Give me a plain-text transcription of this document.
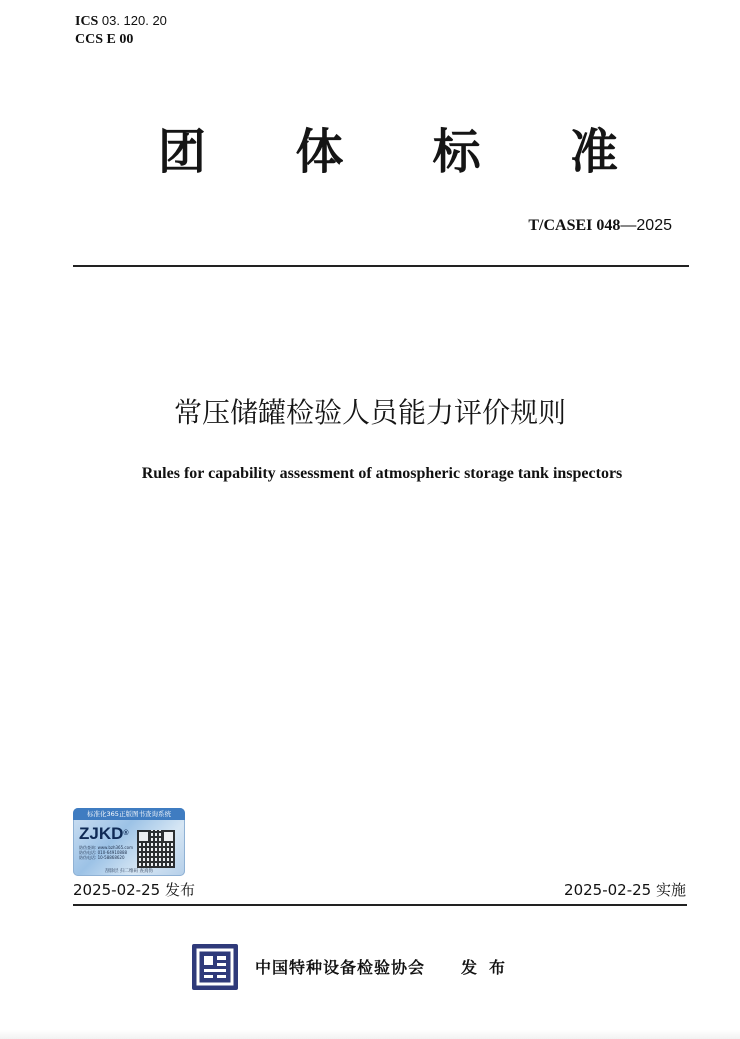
ICS 03. 120. 20
CCS E 00
团 体 标 准
T/CASEI 048—2025
常压储罐检验人员能力评价规则
Rules for capability assessment of atmospheric storage tank inspectors
标准化365正版图书查询系统
ZJKD®
防伪查询: www.bzh365.com
防伪电话: 010-64910888
防伪电话: 10-58868620
刮涂层 扫二维码 查真伪
2025-02-25 发布	2025-02-25 实施
中国特种设备检验协会 发布
